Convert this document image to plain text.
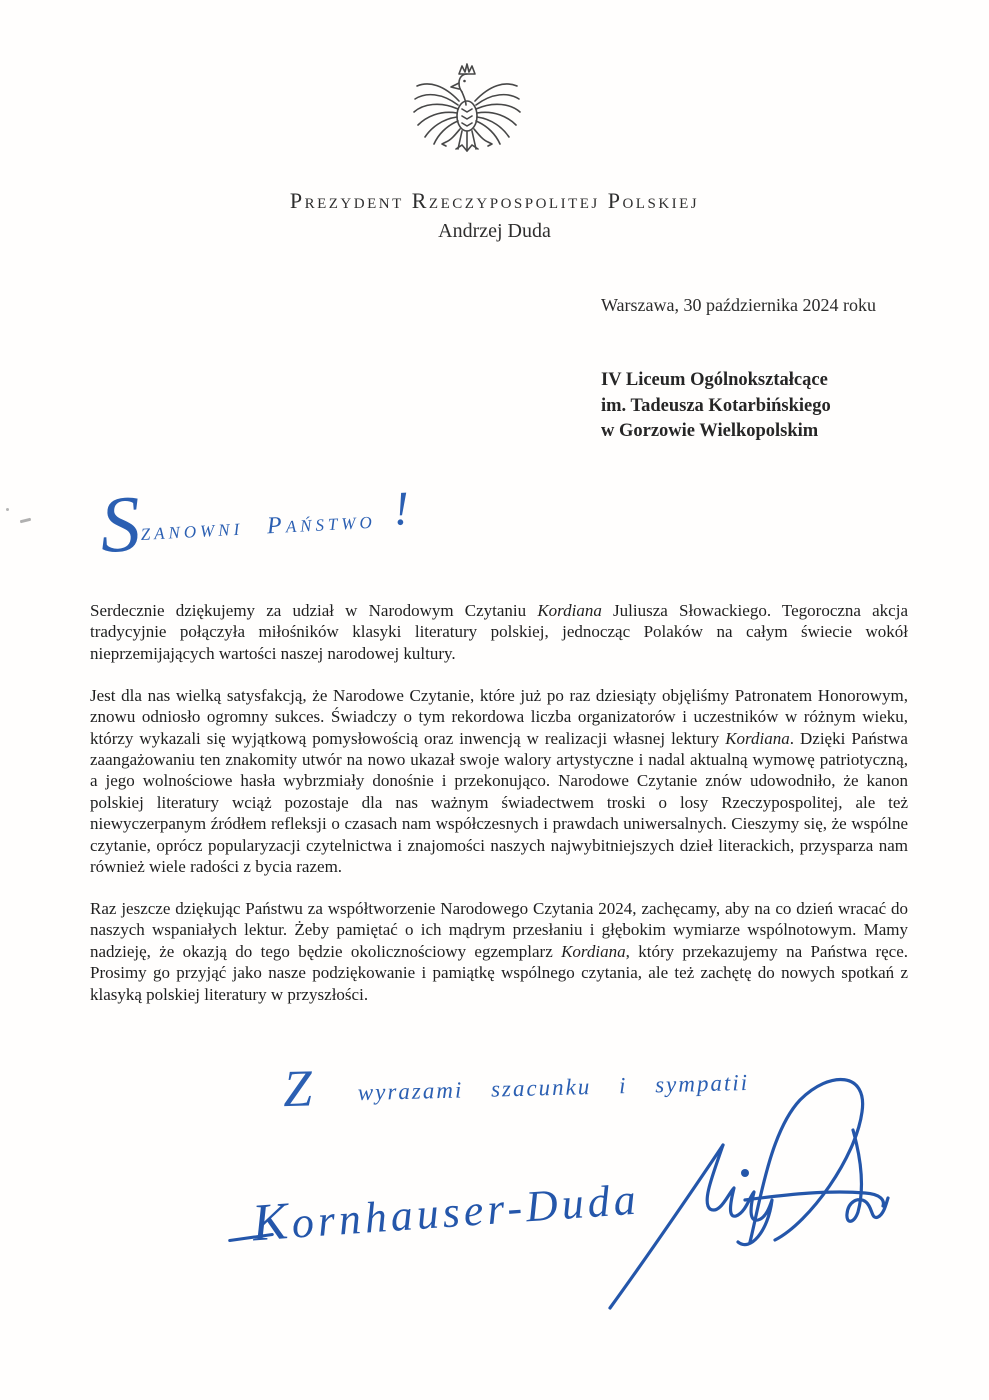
Prezydent Rzeczypospolitej Polskiej
Andrzej Duda
Warszawa, 30 października 2024 roku
IV Liceum Ogólnokształcące
im. Tadeusza Kotarbińskiego
w Gorzowie Wielkopolskim
Szanowni Państwo !

Serdecznie dziękujemy za udział w Narodowym Czytaniu Kordiana Juliusza Słowackiego. Tegoroczna akcja tradycyjnie połączyła miłośników klasyki literatury polskiej, jednocząc Polaków na całym świecie wokół nieprzemijających wartości naszej narodowej kultury.

Jest dla nas wielką satysfakcją, że Narodowe Czytanie, które już po raz dziesiąty objęliśmy Patronatem Honorowym, znowu odniosło ogromny sukces. Świadczy o tym rekordowa liczba organizatorów i uczestników w różnym wieku, którzy wykazali się wyjątkową pomysłowością oraz inwencją w realizacji własnej lektury Kordiana. Dzięki Państwa zaangażowaniu ten znakomity utwór na nowo ukazał swoje walory artystyczne i nadal aktualną wymowę patriotyczną, a jego wolnościowe hasła wybrzmiały donośnie i przekonująco. Narodowe Czytanie znów udowodniło, że kanon polskiej literatury wciąż pozostaje dla nas ważnym świadectwem troski o losy Rzeczypospolitej, ale też niewyczerpanym źródłem refleksji o czasach nam współczesnych i prawdach uniwersalnych. Cieszymy się, że wspólne czytanie, oprócz popularyzacji czytelnictwa i znajomości naszych najwybitniejszych dzieł literackich, przysparza nam również wiele radości z bycia razem.

Raz jeszcze dziękując Państwu za współtworzenie Narodowego Czytania 2024, zachęcamy, aby na co dzień wracać do naszych wspaniałych lektur. Żeby pamiętać o ich mądrym przesłaniu i głębokim wymiarze wspólnotowym. Mamy nadzieję, że okazją do tego będzie okolicznościowy egzemplarz Kordiana, który przekazujemy na Państwa ręce. Prosimy go przyjąć jako nasze podziękowanie i pamiątkę wspólnego czytania, ale też zachętę do nowych spotkań z klasyką polskiej literatury w przyszłości.

Z wyrazami szacunku i sympatii
Kornhauser-Duda
